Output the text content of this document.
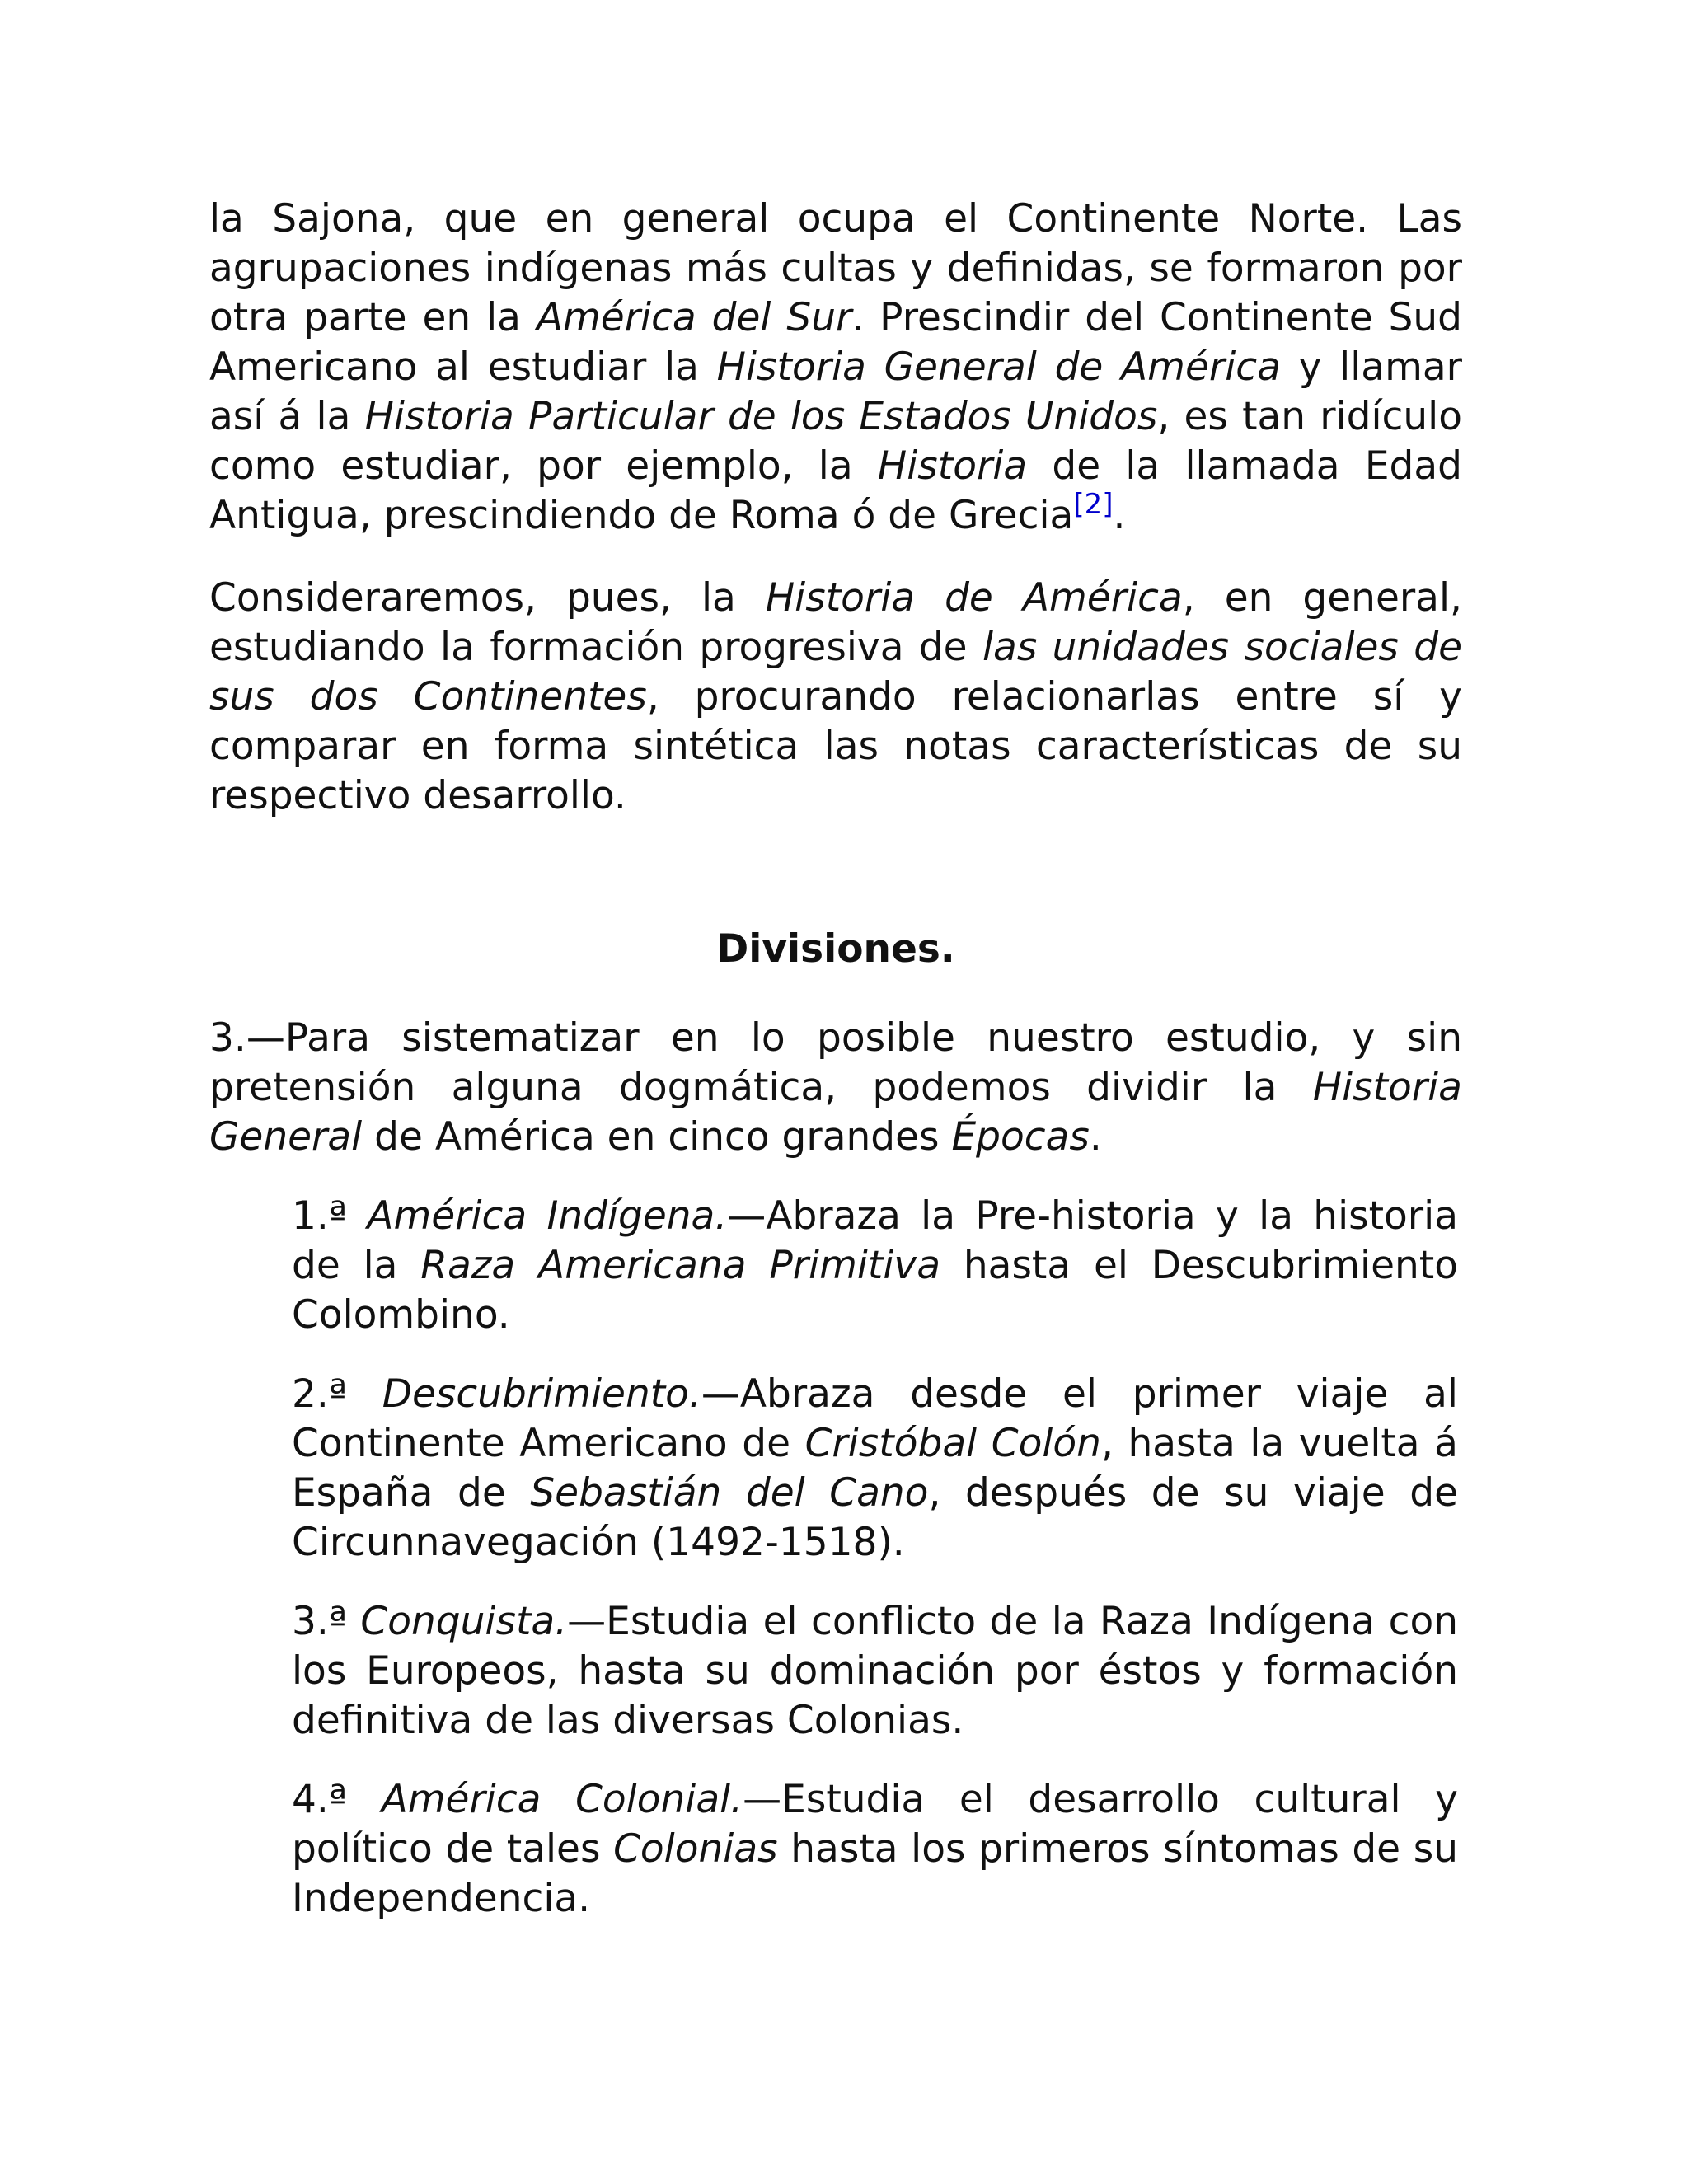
la Sajona, que en general ocupa el Continente Norte. Las agrupaciones indígenas más cultas y definidas, se formaron por otra parte en la América del Sur. Prescindir del Continente Sud Americano al estudiar la Historia General de América y llamar así á la Historia Particular de los Estados Unidos, es tan ridículo como estudiar, por ejemplo, la Historia de la llamada Edad Antigua, prescindiendo de Roma ó de Grecia[2].

Consideraremos, pues, la Historia de América, en general, estudiando la formación progresiva de las unidades sociales de sus dos Continentes, procurando relacionarlas entre sí y comparar en forma sintética las notas características de su respectivo desarrollo.

Divisiones.

3.—Para sistematizar en lo posible nuestro estudio, y sin pretensión alguna dogmática, podemos dividir la Historia General de América en cinco grandes Épocas.

1.ª América Indígena.—Abraza la Pre-historia y la historia de la Raza Americana Primitiva hasta el Descubrimiento Colombino.

2.ª Descubrimiento.—Abraza desde el primer viaje al Continente Americano de Cristóbal Colón, hasta la vuelta á España de Sebastián del Cano, después de su viaje de Circunnavegación (1492-1518).

3.ª Conquista.—Estudia el conflicto de la Raza Indígena con los Europeos, hasta su dominación por éstos y formación definitiva de las diversas Colonias.

4.ª América Colonial.—Estudia el desarrollo cultural y político de tales Colonias hasta los primeros síntomas de su Independencia.
